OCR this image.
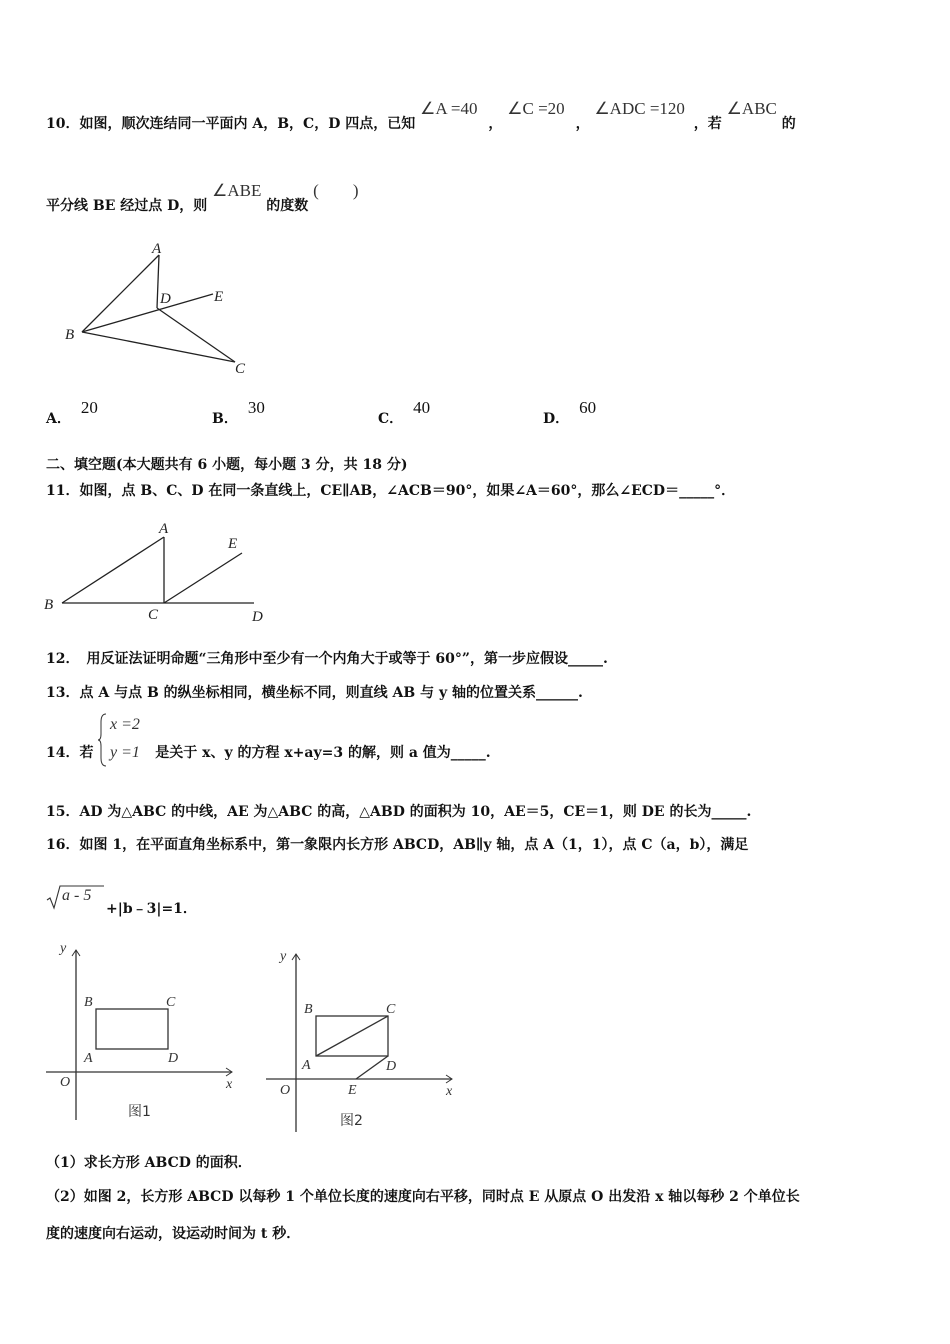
10．如图，顺次连结同一平面内 A，B，C，D 四点，已知 ∠A =40 ， ∠C =20 ， ∠ADC =120 ，若 ∠ABC 的
平分线 BE 经过点 D，则 ∠ABE 的度数 (　　)
A
B
C
D	E
A．20
B．30
C．40
D．60
二、填空题(本大题共有 6 小题，每小题 3 分，共 18 分)
11．如图，点 B、C、D 在同一条直线上，CE∥AB，∠ACB＝90°，如果∠A＝60°，那么∠ECD＝_____°．
A
B
C	D
E
12．　用反证法证明命题“三角形中至少有一个内角大于或等于 60°”，第一步应假设_____.
13．点 A 与点 B 的纵坐标相同，横坐标不同，则直线 AB 与 y 轴的位置关系______.
14．若	是关于 x、y 的方程 x+ay=3 的解，则 a 值为_____.
x =2
y =1
15．AD 为△ABC 的中线，AE 为△ABC 的高，△ABD 的面积为 10，AE＝5，CE＝1，则 DE 的长为_____.
16．如图 1，在平面直角坐标系中，第一象限内长方形 ABCD，AB∥y 轴，点 A（1，1），点 C（a，b），满足
a - 5
+|b﹣3|=1．
y
x
O
A
B	C
D
图1
y
x
O
A
B	C
D
E
图2
（1）求长方形 ABCD 的面积．
（2）如图 2，长方形 ABCD 以每秒 1 个单位长度的速度向右平移，同时点 E 从原点 O 出发沿 x 轴以每秒 2 个单位长
度的速度向右运动，设运动时间为 t 秒．
